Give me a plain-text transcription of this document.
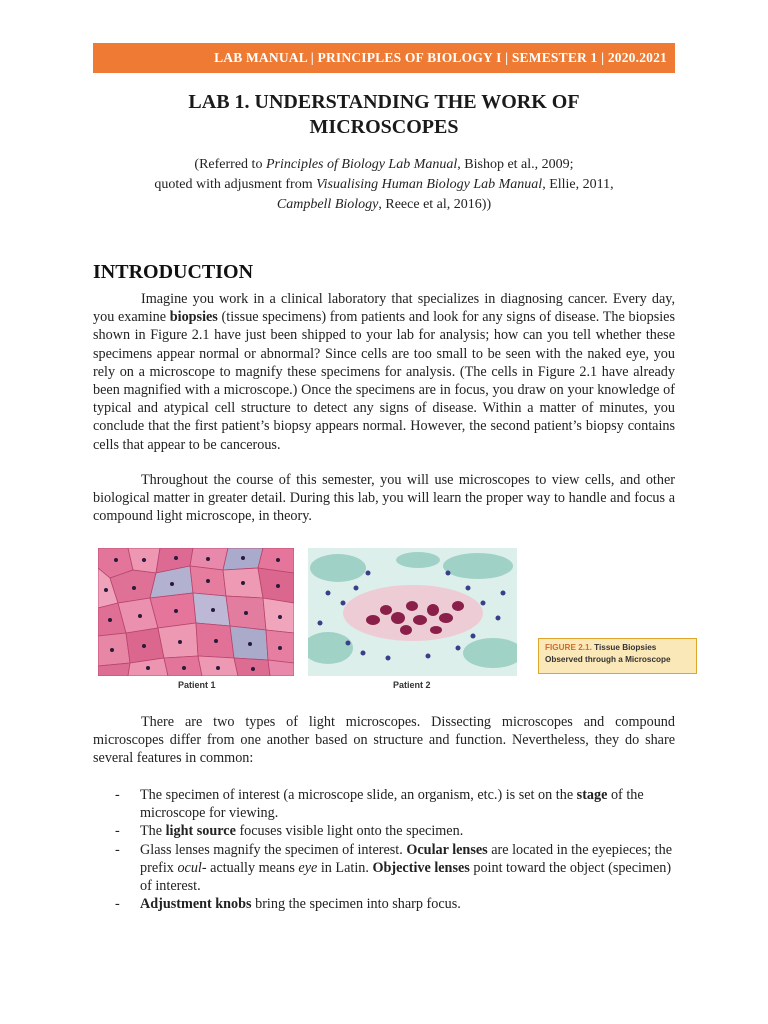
LAB MANUAL | PRINCIPLES OF BIOLOGY I | SEMESTER 1 | 2020.2021
LAB 1. UNDERSTANDING THE WORK OF
MICROSCOPES
(Referred to Principles of Biology Lab Manual, Bishop et al., 2009;
quoted with adjusment from Visualising Human Biology Lab Manual, Ellie, 2011,
Campbell Biology, Reece et al, 2016))
INTRODUCTION

Imagine you work in a clinical laboratory that specializes in diagnosing cancer. Every day, you examine biopsies (tissue specimens) from patients and look for any signs of disease. The biopsies shown in Figure 2.1 have just been shipped to your lab for analysis; how can you tell whether these specimens appear normal or abnormal? Since cells are too small to be seen with the naked eye, you rely on a microscope to magnify these specimens for analysis. (The cells in Figure 2.1 have already been magnified with a microscope.) Once the specimens are in focus, you draw on your knowledge of typical and atypical cell structure to detect any signs of disease. Within a matter of minutes, you conclude that the first patient’s biopsy appears normal. However, the second patient’s biopsy contains cells that appear to be cancerous.

Throughout the course of this semester, you will use microscopes to view cells, and other biological matter in greater detail. During this lab, you will learn the proper way to handle and focus a compound light microscope, in theory.

Patient 1	Patient 2
FIGURE 2.1. Tissue Biopsies
Observed through a Microscope

There are two types of light microscopes. Dissecting microscopes and compound microscopes differ from one another based on structure and function. Nevertheless, they do share several features in common:

- The specimen of interest (a microscope slide, an organism, etc.) is set on the stage of the microscope for viewing.
- The light source focuses visible light onto the specimen.
- Glass lenses magnify the specimen of interest. Ocular lenses are located in the eyepieces; the prefix ocul- actually means eye in Latin. Objective lenses point toward the object (specimen) of interest.
- Adjustment knobs bring the specimen into sharp focus.
